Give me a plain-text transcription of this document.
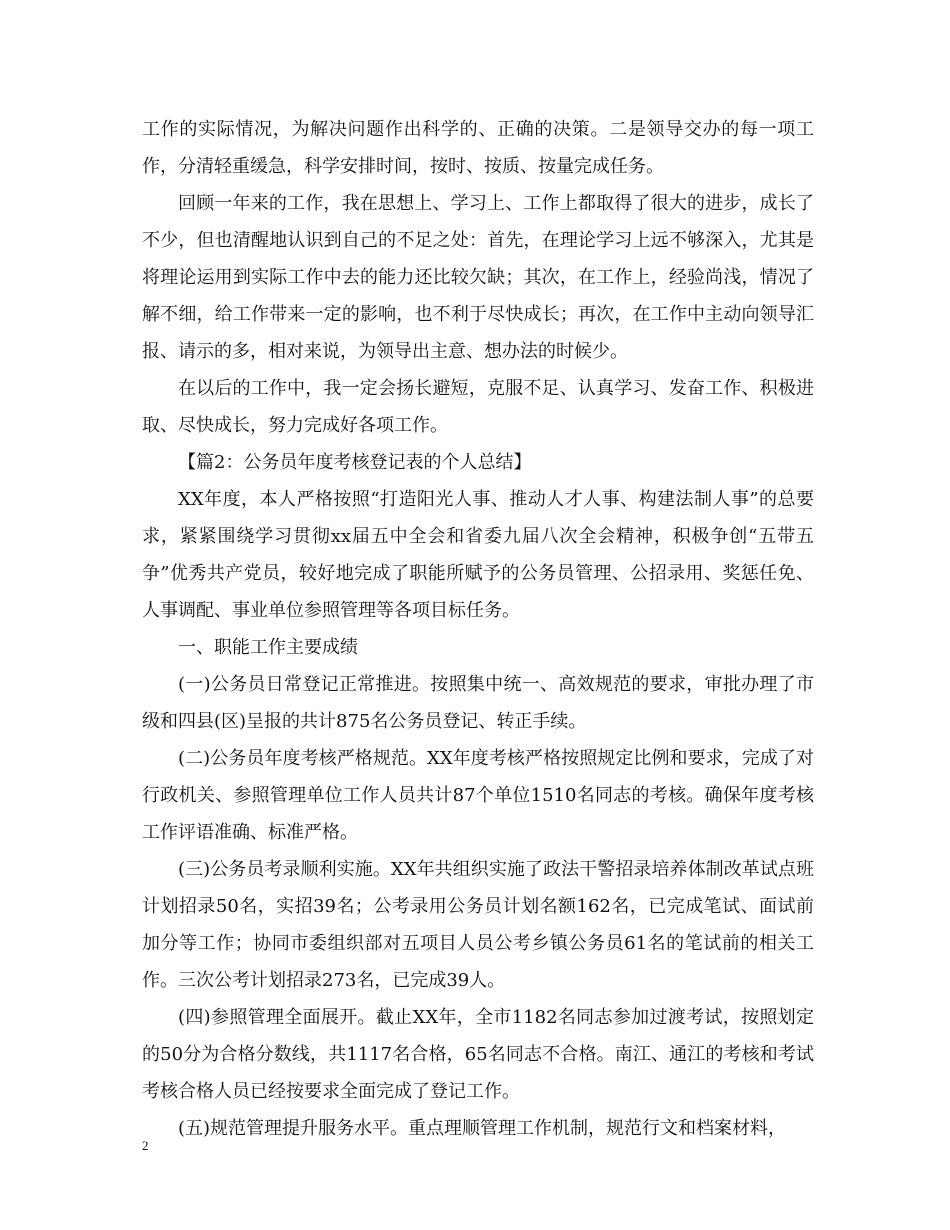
工作的实际情况，为解决问题作出科学的、正确的决策。二是领导交办的每一项工作，分清轻重缓急，科学安排时间，按时、按质、按量完成任务。

回顾一年来的工作，我在思想上、学习上、工作上都取得了很大的进步，成长了不少，但也清醒地认识到自己的不足之处：首先，在理论学习上远不够深入，尤其是将理论运用到实际工作中去的能力还比较欠缺；其次，在工作上，经验尚浅，情况了解不细，给工作带来一定的影响，也不利于尽快成长；再次，在工作中主动向领导汇报、请示的多，相对来说，为领导出主意、想办法的时候少。

在以后的工作中，我一定会扬长避短，克服不足、认真学习、发奋工作、积极进取、尽快成长，努力完成好各项工作。

【篇2：公务员年度考核登记表的个人总结】

XX年度，本人严格按照“打造阳光人事、推动人才人事、构建法制人事”的总要求，紧紧围绕学习贯彻xx届五中全会和省委九届八次全会精神，积极争创“五带五争”优秀共产党员，较好地完成了职能所赋予的公务员管理、公招录用、奖惩任免、人事调配、事业单位参照管理等各项目标任务。

一、职能工作主要成绩

(一)公务员日常登记正常推进。按照集中统一、高效规范的要求，审批办理了市级和四县(区)呈报的共计875名公务员登记、转正手续。

(二)公务员年度考核严格规范。XX年度考核严格按照规定比例和要求，完成了对行政机关、参照管理单位工作人员共计87个单位1510名同志的考核。确保年度考核工作评语准确、标准严格。

(三)公务员考录顺利实施。XX年共组织实施了政法干警招录培养体制改革试点班计划招录50名，实招39名；公考录用公务员计划名额162名，已完成笔试、面试前加分等工作；协同市委组织部对五项目人员公考乡镇公务员61名的笔试前的相关工作。三次公考计划招录273名，已完成39人。

(四)参照管理全面展开。截止XX年，全市1182名同志参加过渡考试，按照划定的50分为合格分数线，共1117名合格，65名同志不合格。南江、通江的考核和考试考核合格人员已经按要求全面完成了登记工作。

(五)规范管理提升服务水平。重点理顺管理工作机制，规范行文和档案材料，

2
